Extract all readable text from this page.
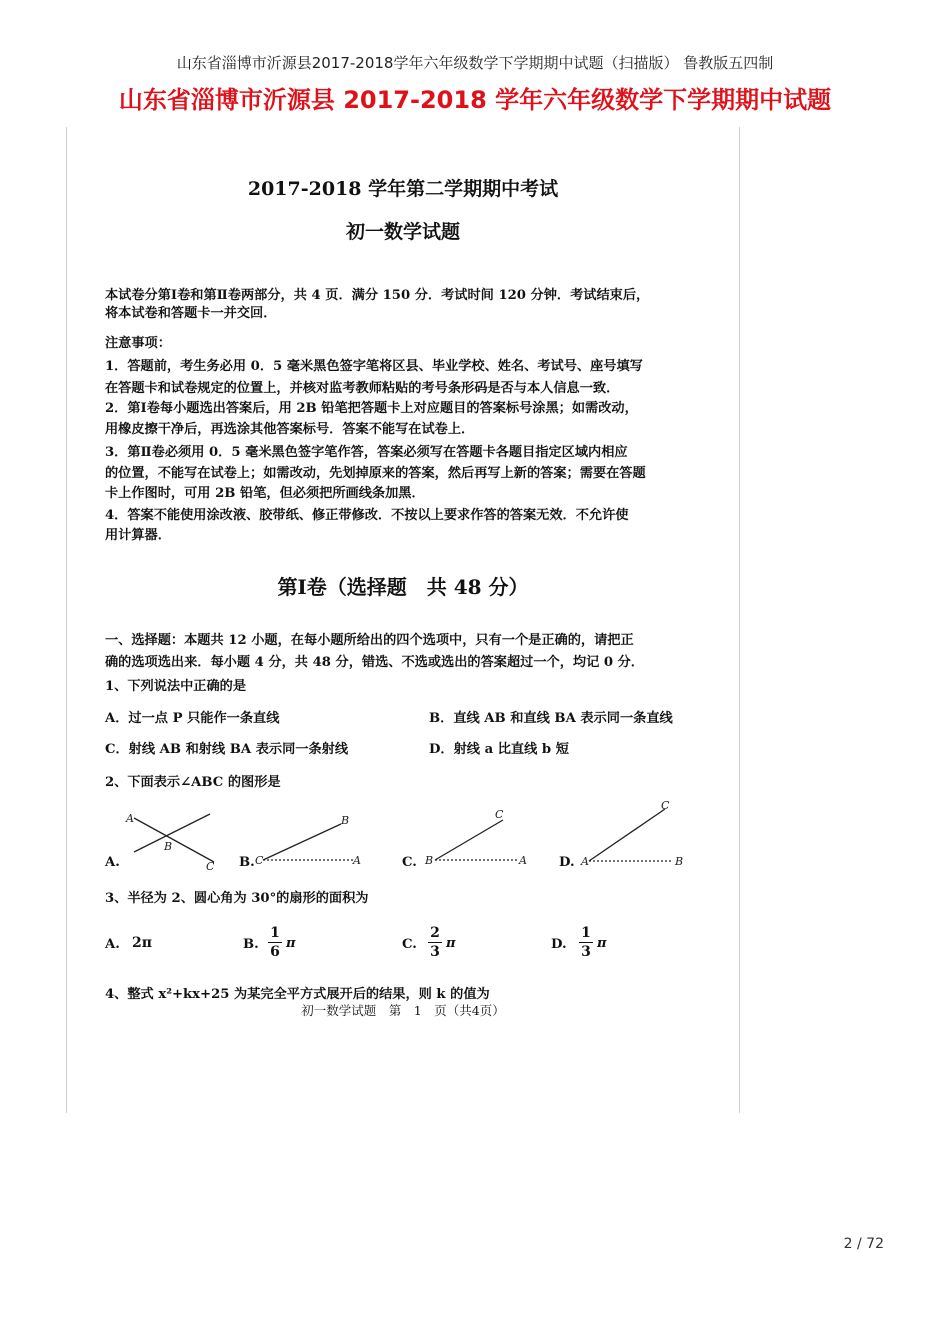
山东省淄博市沂源县2017-2018学年六年级数学下学期期中试题（扫描版） 鲁教版五四制
山东省淄博市沂源县 2017-2018 学年六年级数学下学期期中试题
2017-2018 学年第二学期期中考试
初一数学试题
本试卷分第Ⅰ卷和第Ⅱ卷两部分，共 4 页．满分 150 分．考试时间 120 分钟．考试结束后，
将本试卷和答题卡一并交回．
注意事项：
1．答题前，考生务必用 0．5 毫米黑色签字笔将区县、毕业学校、姓名、考试号、座号填写
在答题卡和试卷规定的位置上，并核对监考教师粘贴的考号条形码是否与本人信息一致．
2．第Ⅰ卷每小题选出答案后，用 2B 铅笔把答题卡上对应题目的答案标号涂黑；如需改动，
用橡皮擦干净后，再选涂其他答案标号．答案不能写在试卷上．
3．第Ⅱ卷必须用 0．5 毫米黑色签字笔作答，答案必须写在答题卡各题目指定区域内相应
的位置，不能写在试卷上；如需改动，先划掉原来的答案，然后再写上新的答案；需要在答题
卡上作图时，可用 2B 铅笔，但必须把所画线条加黑．
4．答案不能使用涂改液、胶带纸、修正带修改．不按以上要求作答的答案无效．不允许使
用计算器．
第Ⅰ卷（选择题　共 48 分）
一、选择题：本题共 12 小题，在每小题所给出的四个选项中，只有一个是正确的，请把正
确的选项选出来．每小题 4 分，共 48 分，错选、不选或选出的答案超过一个，均记 0 分．
1、下列说法中正确的是
A．过一点 P 只能作一条直线	B．直线 AB 和直线 BA 表示同一条直线
C．射线 AB 和射线 BA 表示同一条射线	D．射线 a 比直线 b 短
2、下面表示∠ABC 的图形是
A.
A
B
C B.
B
C	A	C.
C
B	A D.
C
A	B
3、半径为 2、圆心角为 30°的扇形的面积为
A. 2π	B.
1
6
π	C.
2
3
π	D.
1
3
π
4、整式 x²+kx+25 为某完全平方式展开后的结果，则 k 的值为
初一数学试题　第　1　页（共4页）
2 / 72
